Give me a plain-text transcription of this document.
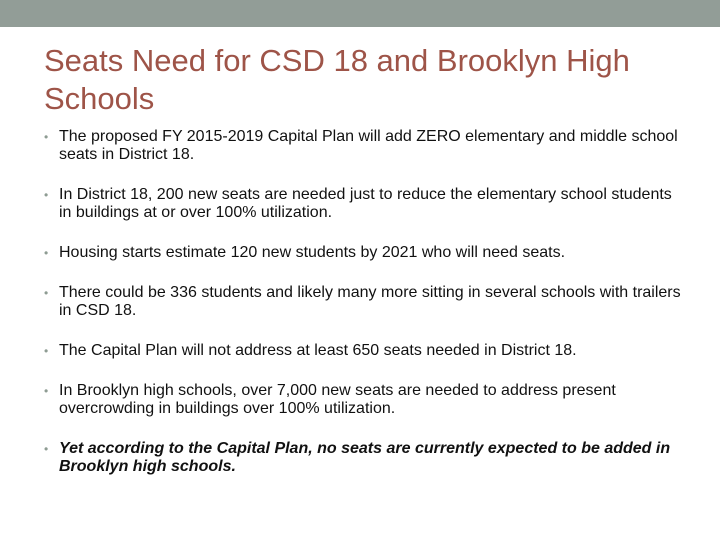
Seats Need for CSD 18 and Brooklyn High Schools
• The proposed FY 2015-2019 Capital Plan will add ZERO elementary and middle school seats in District 18.
• In District 18, 200 new seats are needed just to reduce the elementary school students in buildings at or over 100% utilization.
• Housing starts estimate 120 new students by 2021 who will need seats.
• There could be 336 students and likely many more sitting in several schools with trailers in CSD 18.
• The Capital Plan will not address at least 650 seats needed in District 18.
• In Brooklyn high schools, over 7,000 new seats are needed to address present overcrowding in buildings over 100% utilization.
• Yet according to the Capital Plan, no seats are currently expected to be added in Brooklyn high schools.
